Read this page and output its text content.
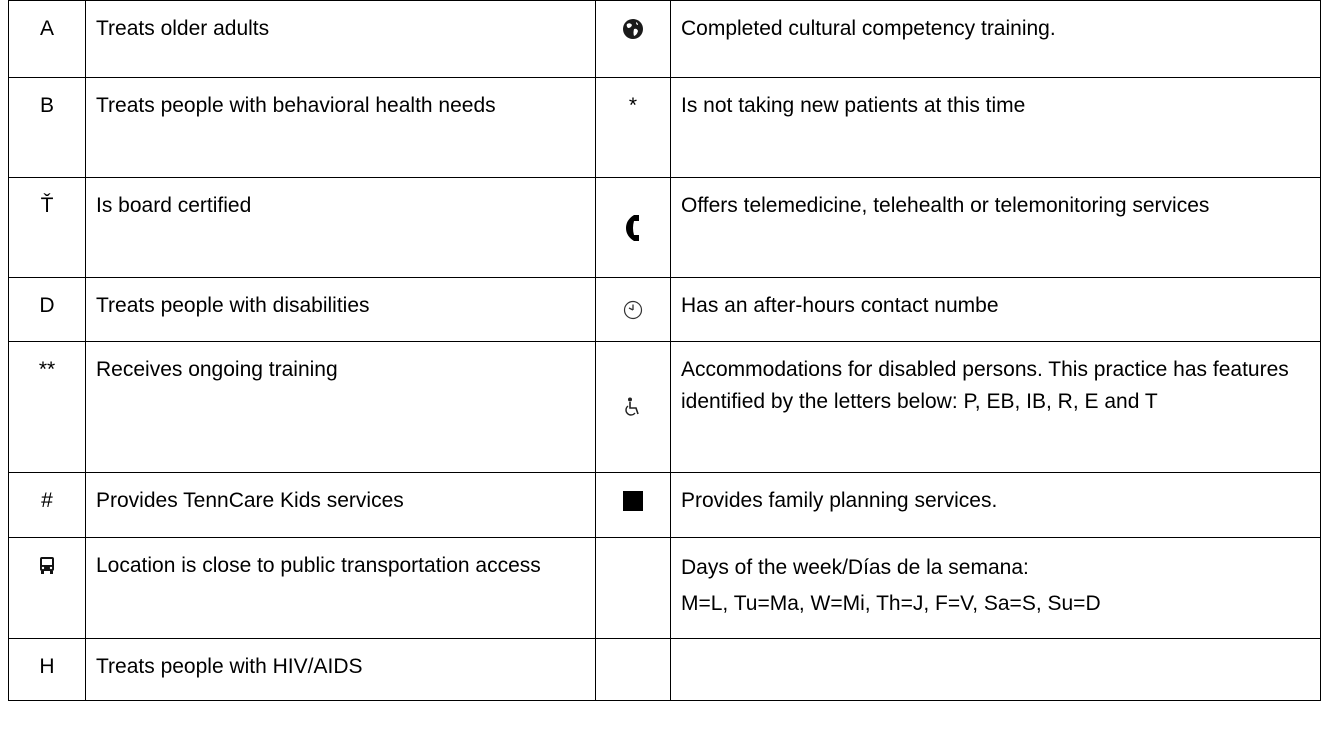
A	Treats older adults		Completed cultural competency training.
B	Treats people with behavioral health needs	*	Is not taking new patients at this time
Ť	Is board certified		Offers telemedicine, telehealth or telemonitoring services
D	Treats people with disabilities		Has an after-hours contact numbe
**	Receives ongoing training		Accommodations for disabled persons. This practice has features identified by the letters below: P, EB, IB, R, E and T
#	Provides TennCare Kids services		Provides family planning services.
	Location is close to public transportation access		Days of the week/Días de la semana:
M=L, Tu=Ma, W=Mi, Th=J, F=V, Sa=S, Su=D

H	Treats people with HIV/AIDS		
